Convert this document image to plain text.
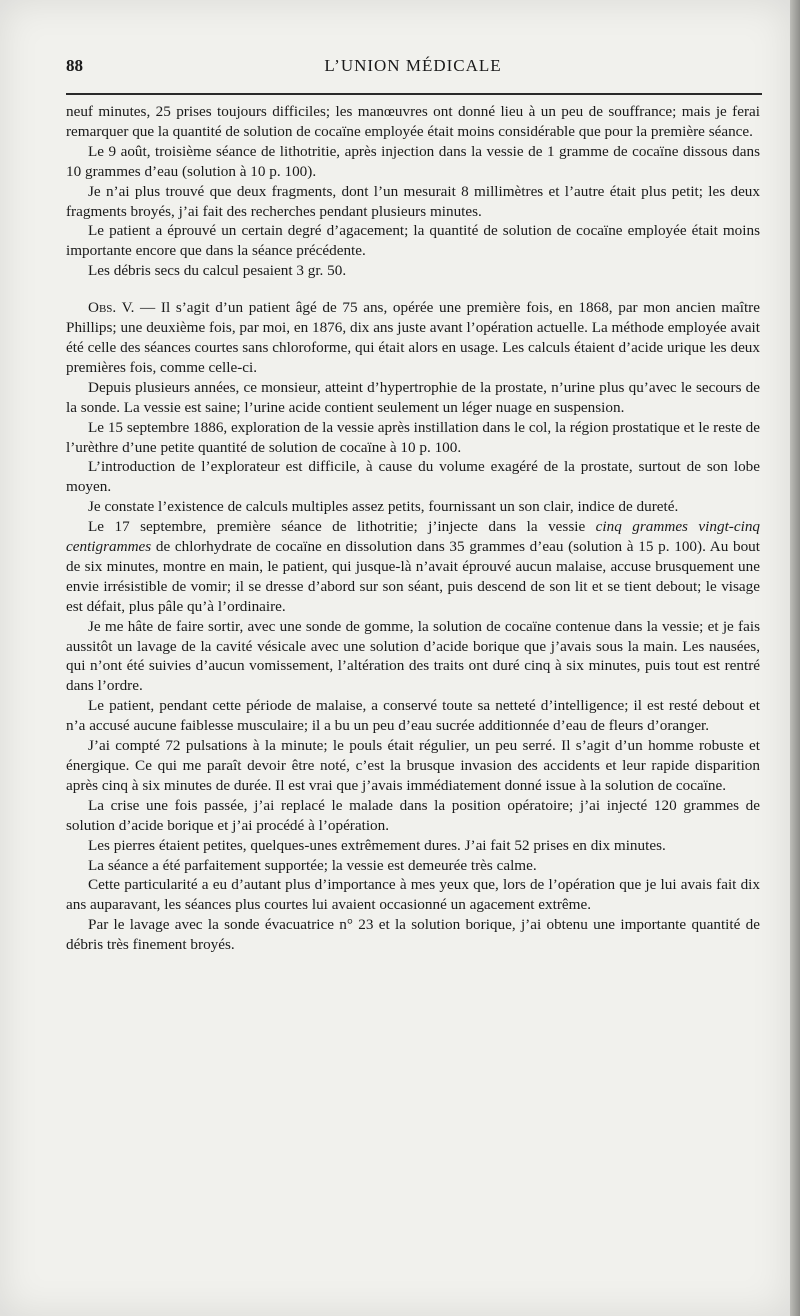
88	L’UNION MÉDICALE

neuf minutes, 25 prises toujours difficiles; les manœuvres ont donné lieu à un peu de souffrance; mais je ferai remarquer que la quantité de solution de cocaïne employée était moins considérable que pour la première séance.

Le 9 août, troisième séance de lithotritie, après injection dans la vessie de 1 gramme de cocaïne dissous dans 10 grammes d’eau (solution à 10 p. 100).

Je n’ai plus trouvé que deux fragments, dont l’un mesurait 8 millimètres et l’autre était plus petit; les deux fragments broyés, j’ai fait des recherches pendant plusieurs minutes.

Le patient a éprouvé un certain degré d’agacement; la quantité de solution de cocaïne employée était moins importante encore que dans la séance précédente.

Les débris secs du calcul pesaient 3 gr. 50.

Obs. V. — Il s’agit d’un patient âgé de 75 ans, opérée une première fois, en 1868, par mon ancien maître Phillips; une deuxième fois, par moi, en 1876, dix ans juste avant l’opération actuelle. La méthode employée avait été celle des séances courtes sans chloroforme, qui était alors en usage. Les calculs étaient d’acide urique les deux premières fois, comme celle-ci.

Depuis plusieurs années, ce monsieur, atteint d’hypertrophie de la prostate, n’urine plus qu’avec le secours de la sonde. La vessie est saine; l’urine acide contient seulement un léger nuage en suspension.

Le 15 septembre 1886, exploration de la vessie après instillation dans le col, la région prostatique et le reste de l’urèthre d’une petite quantité de solution de cocaïne à 10 p. 100.

L’introduction de l’explorateur est difficile, à cause du volume exagéré de la prostate, surtout de son lobe moyen.

Je constate l’existence de calculs multiples assez petits, fournissant un son clair, indice de dureté.

Le 17 septembre, première séance de lithotritie; j’injecte dans la vessie cinq grammes vingt-cinq centigrammes de chlorhydrate de cocaïne en dissolution dans 35 grammes d’eau (solution à 15 p. 100). Au bout de six minutes, montre en main, le patient, qui jusque-là n’avait éprouvé aucun malaise, accuse brusquement une envie irrésistible de vomir; il se dresse d’abord sur son séant, puis descend de son lit et se tient debout; le visage est défait, plus pâle qu’à l’ordinaire.

Je me hâte de faire sortir, avec une sonde de gomme, la solution de cocaïne contenue dans la vessie; et je fais aussitôt un lavage de la cavité vésicale avec une solution d’acide borique que j’avais sous la main. Les nausées, qui n’ont été suivies d’aucun vomissement, l’altération des traits ont duré cinq à six minutes, puis tout est rentré dans l’ordre.

Le patient, pendant cette période de malaise, a conservé toute sa netteté d’intelligence; il est resté debout et n’a accusé aucune faiblesse musculaire; il a bu un peu d’eau sucrée additionnée d’eau de fleurs d’oranger.

J’ai compté 72 pulsations à la minute; le pouls était régulier, un peu serré. Il s’agit d’un homme robuste et énergique. Ce qui me paraît devoir être noté, c’est la brusque invasion des accidents et leur rapide disparition après cinq à six minutes de durée. Il est vrai que j’avais immédiatement donné issue à la solution de cocaïne.

La crise une fois passée, j’ai replacé le malade dans la position opératoire; j’ai injecté 120 grammes de solution d’acide borique et j’ai procédé à l’opération.

Les pierres étaient petites, quelques-unes extrêmement dures. J’ai fait 52 prises en dix minutes.

La séance a été parfaitement supportée; la vessie est demeurée très calme.

Cette particularité a eu d’autant plus d’importance à mes yeux que, lors de l’opération que je lui avais fait dix ans auparavant, les séances plus courtes lui avaient occasionné un agacement extrême.

Par le lavage avec la sonde évacuatrice n° 23 et la solution borique, j’ai obtenu une importante quantité de débris très finement broyés.
